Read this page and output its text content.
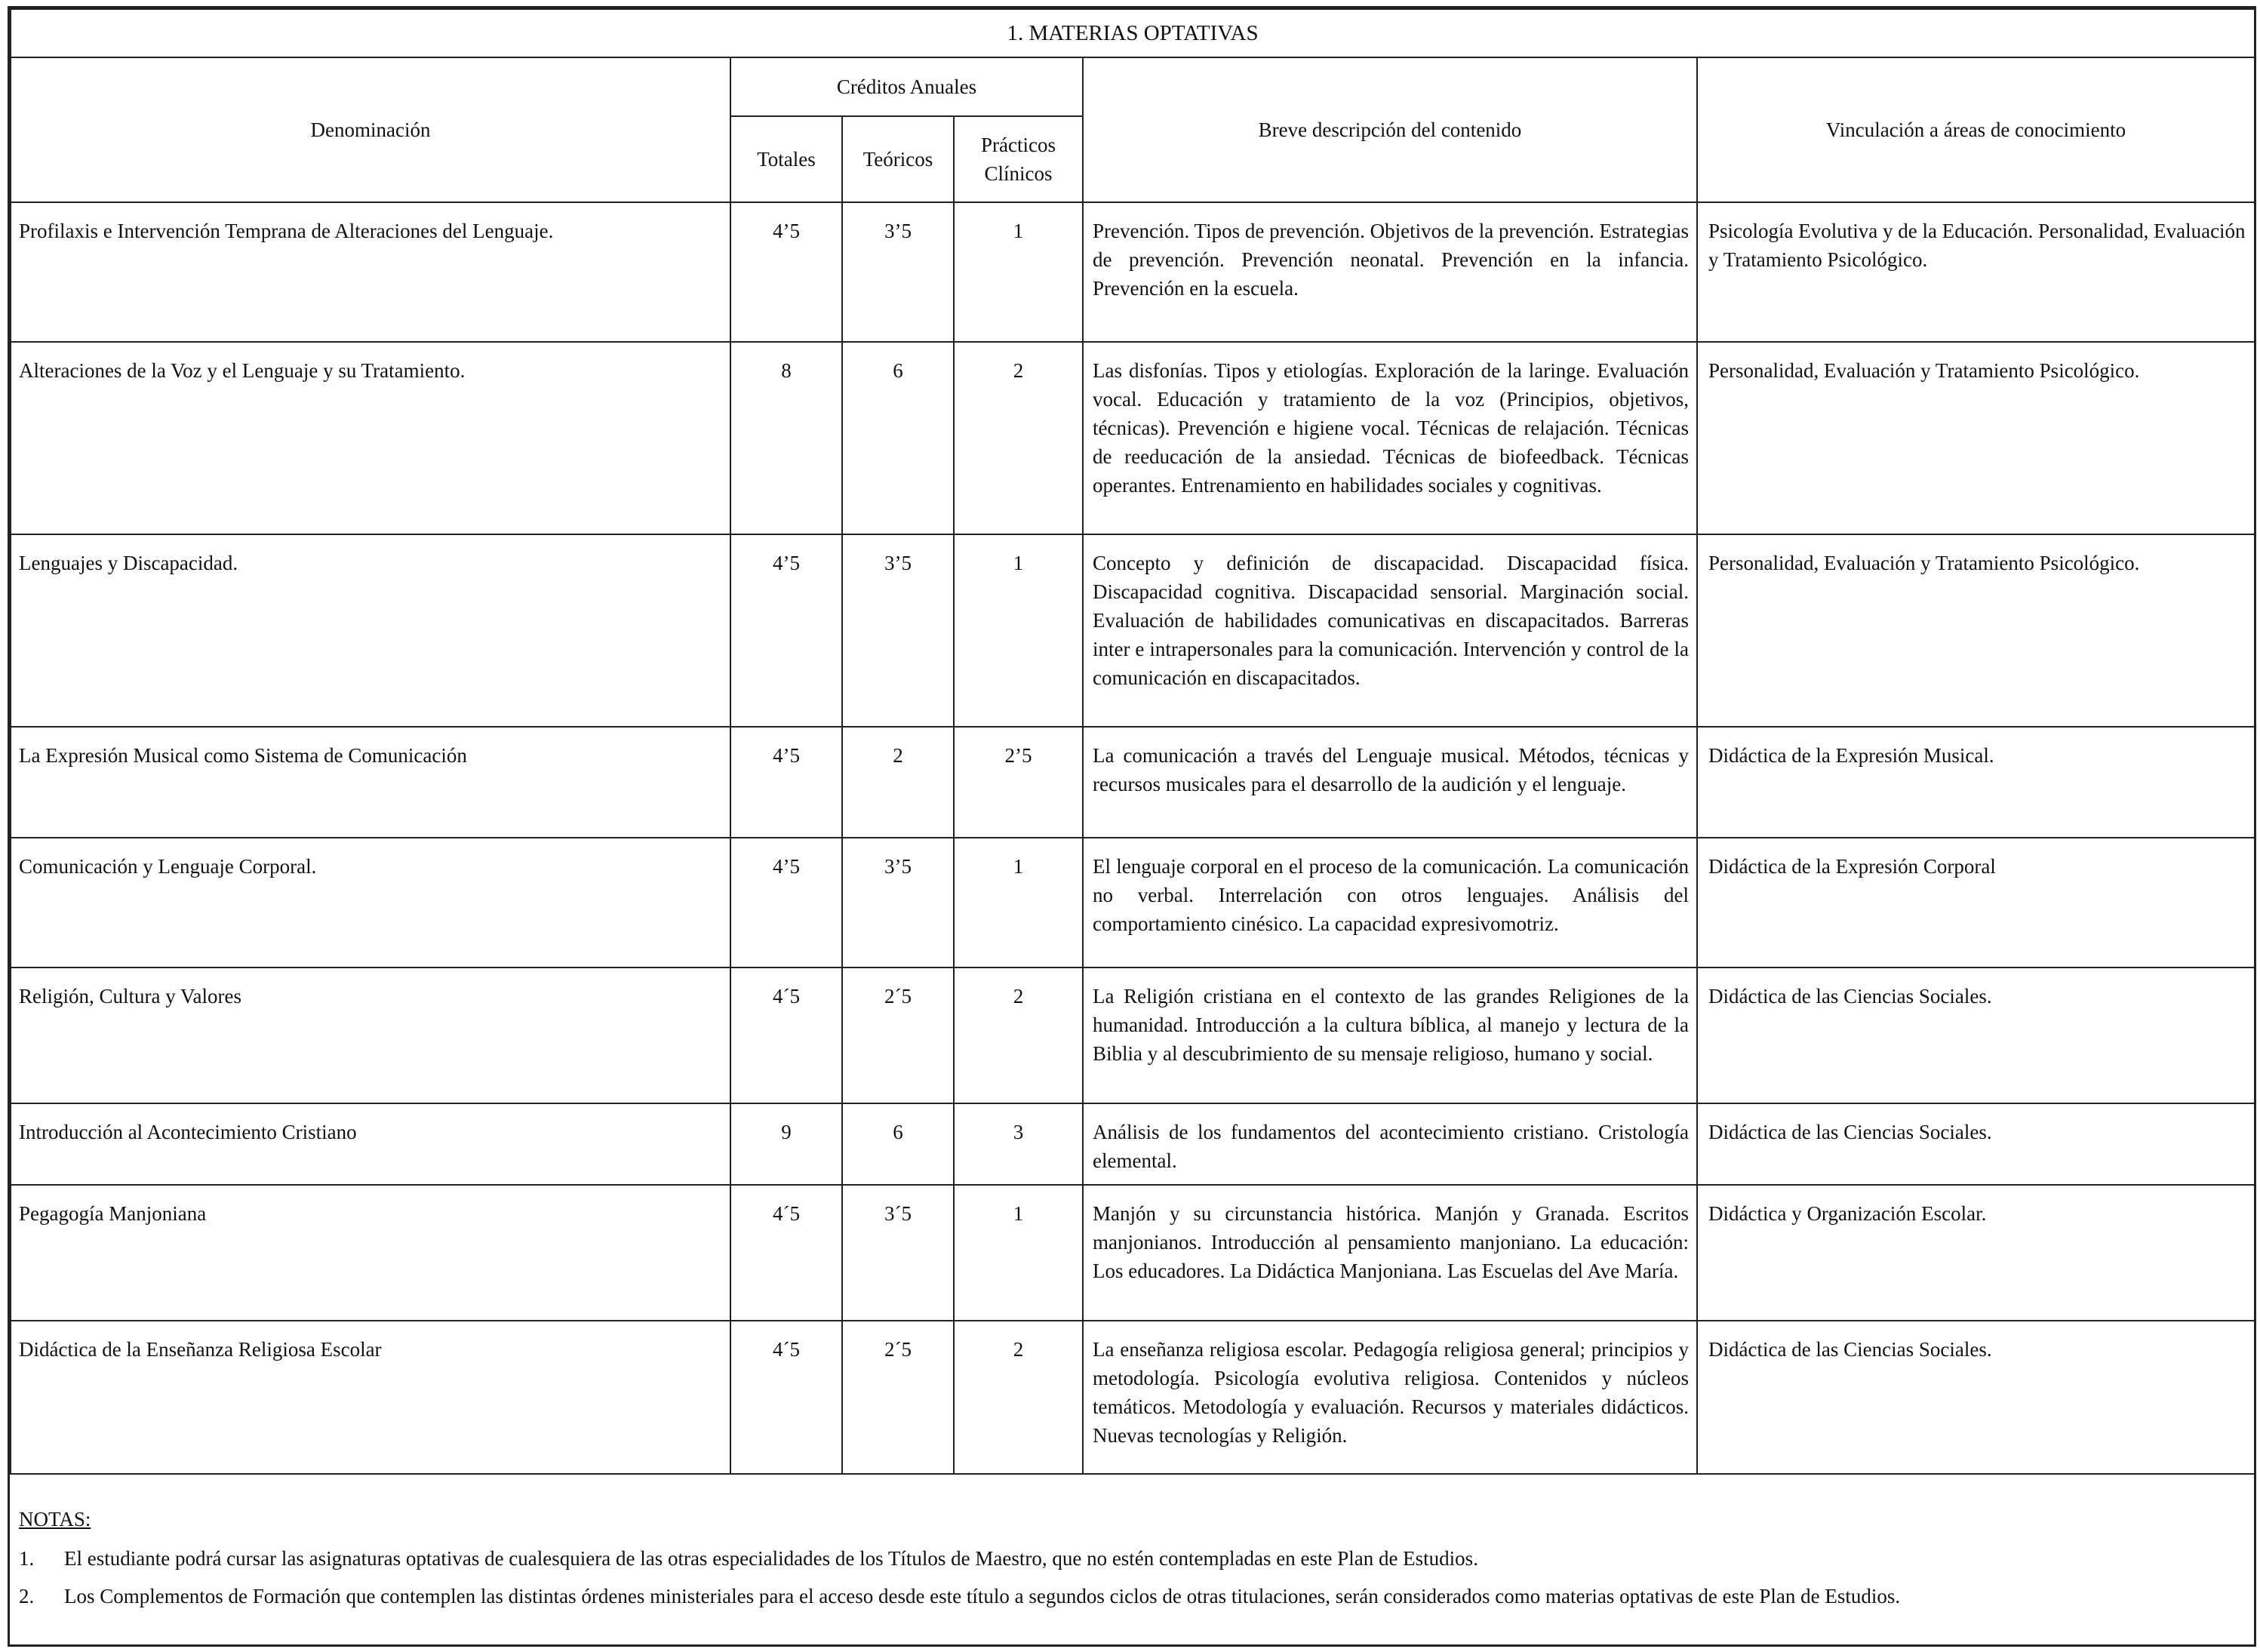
1. MATERIAS OPTATIVAS					
Denominación	Créditos Anuales			Breve descripción del contenido	Vinculación a áreas de conocimiento
	Totales	Teóricos	Prácticos Clínicos		
Profilaxis e Intervención Temprana de Alteraciones del Lenguaje.	4’5	3’5	1	Prevención. Tipos de prevención. Objetivos de la prevención. Estrategias de prevención. Prevención neonatal. Prevención en la infancia. Prevención en la escuela.	Psicología Evolutiva y de la Educación. Personalidad, Evaluación y Tratamiento Psicológico.
Alteraciones de la Voz y el Lenguaje y su Tratamiento.	8	6	2	Las disfonías. Tipos y etiologías. Exploración de la laringe. Evaluación vocal. Educación y tratamiento de la voz (Principios, objetivos, técnicas). Prevención e higiene vocal. Técnicas de relajación. Técnicas de reeducación de la ansiedad. Técnicas de biofeedback. Técnicas operantes. Entrenamiento en habilidades sociales y cognitivas.	Personalidad, Evaluación y Tratamiento Psicológico.
Lenguajes y Discapacidad.	4’5	3’5	1	Concepto y definición de discapacidad. Discapacidad física. Discapacidad cognitiva. Discapacidad sensorial. Marginación social. Evaluación de habilidades comunicativas en discapacitados. Barreras inter e intrapersonales para la comunicación. Intervención y control de la comunicación en discapacitados.	Personalidad, Evaluación y Tratamiento Psicológico.
La Expresión Musical como Sistema de Comunicación	4’5	2	2’5	La comunicación a través del Lenguaje musical. Métodos, técnicas y recursos musicales para el desarrollo de la audición y el lenguaje.	Didáctica de la Expresión Musical.
Comunicación y Lenguaje Corporal.	4’5	3’5	1	El lenguaje corporal en el proceso de la comunicación. La comunicación no verbal. Interrelación con otros lenguajes. Análisis del comportamiento cinésico. La capacidad expresivomotriz.	Didáctica de la Expresión Corporal
Religión, Cultura y Valores	4´5	2´5	2	La Religión cristiana en el contexto de las grandes Religiones de la humanidad. Introducción a la cultura bíblica, al manejo y lectura de la Biblia y al descubrimiento de su mensaje religioso, humano y social.	Didáctica de las Ciencias Sociales.
Introducción al Acontecimiento Cristiano	9	6	3	Análisis de los fundamentos del acontecimiento cristiano. Cristología elemental.	Didáctica de las Ciencias Sociales.
Pegagogía Manjoniana	4´5	3´5	1	Manjón y su circunstancia histórica. Manjón y Granada. Escritos manjonianos. Introducción al pensamiento manjoniano. La educación: Los educadores. La Didáctica Manjoniana. Las Escuelas del Ave María.	Didáctica y Organización Escolar.
Didáctica de la Enseñanza Religiosa Escolar	4´5	2´5	2	La enseñanza religiosa escolar. Pedagogía religiosa general; principios y metodología. Psicología evolutiva religiosa. Contenidos y núcleos temáticos. Metodología y evaluación. Recursos y materiales didácticos. Nuevas tecnologías y Religión.	Didáctica de las Ciencias Sociales.
NOTAS:
1.	El estudiante podrá cursar las asignaturas optativas de cualesquiera de las otras especialidades de los Títulos de Maestro, que no estén contempladas en este Plan de Estudios.
2.	Los Complementos de Formación que contemplen las distintas órdenes ministeriales para el acceso desde este título a segundos ciclos de otras titulaciones, serán considerados como materias optativas de este Plan de Estudios.
